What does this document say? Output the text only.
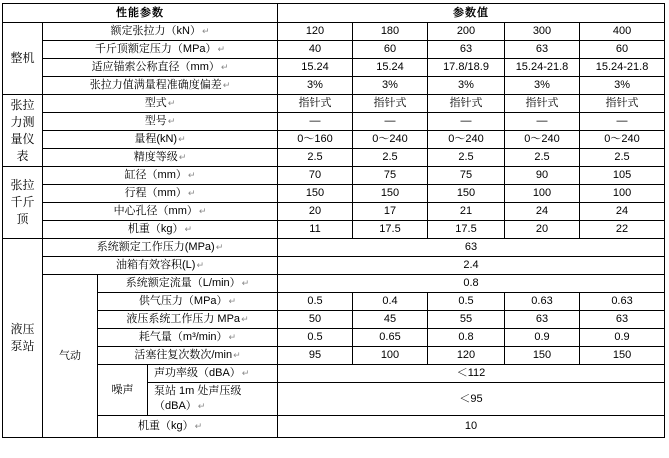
性能参数				参数值				
整机	额定张拉力（kN）↵			120	180	200	300	400
	千斤顶额定压力（MPa）↵			40	60	63	63	60
	适应锚索公称直径（mm）↵			15.24	15.24	17.8/18.9	15.24-21.8	15.24-21.8
	张拉力值满量程准确度偏差↵			3%	3%	3%	3%	3%
张拉力测量仪表	型式↵			指针式	指针式	指针式	指针式	指针式
	型号↵			—	—	—	—	—
	量程(kN)↵			0～160	0～240	0～240	0～240	0～240
	精度等级↵			2.5	2.5	2.5	2.5	2.5
张拉千斤顶	缸径（mm）↵			70	75	75	90	105
	行程（mm）↵			150	150	150	100	100
	中心孔径（mm）↵			20	17	21	24	24
	机重（kg）↵			11	17.5	17.5	20	22
液压泵站	系统额定工作压力(MPa)↵			63				
	油箱有效容积(L)↵			2.4				
	气动	系统额定流量（L/min）↵		0.8				
		供气压力（MPa）↵		0.5	0.4	0.5	0.63	0.63
		液压系统工作压力 MPa↵		50	45	55	63	63
		耗气量（m³/min）↵		0.5	0.65	0.8	0.9	0.9
		活塞往复次数次/min↵		95	100	120	150	150
		噪声	声功率级（dBA）↵	＜112				
			泵站 1m 处声压级（dBA）↵	＜95				
		机重（kg）↵		10				
